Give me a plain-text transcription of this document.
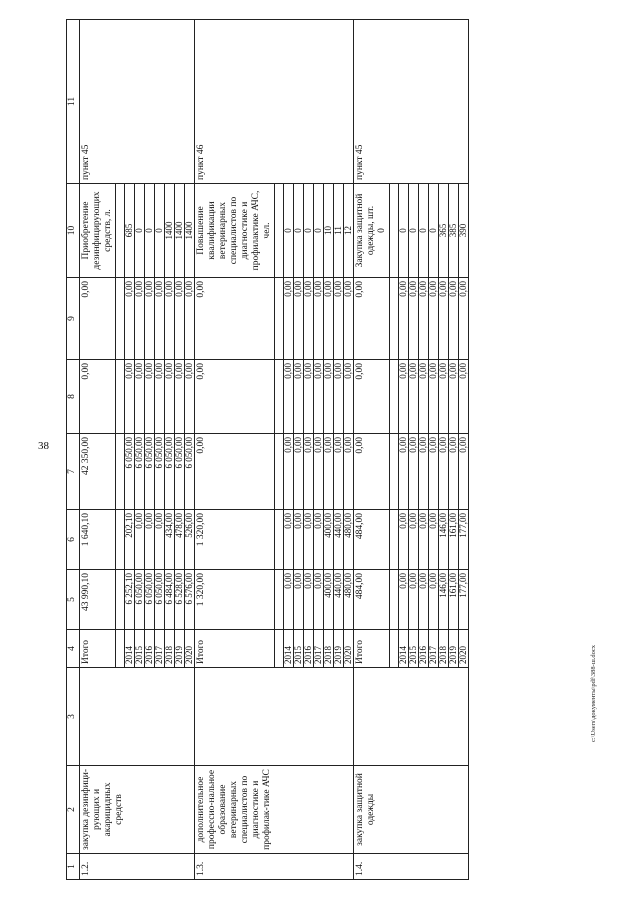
38
c:\Users\документы\pdf\388-ш.docx
1	2	3	4	5	6	7	8	9	10	11
1.2.	закупка дезинфици-рующих и акарицидных средств		Итого	43 990,10	1 640,10	42 350,00	0,00	0,00	Приобретение дезинфицирующих средств, л.	пункт 45

			2014	6 252,10	202,10	6 050,00	0,00	0,00	685	
			2015	6 050,00	0,00	6 050,00	0,00	0,00	0	
			2016	6 050,00	0,00	6 050,00	0,00	0,00	0	
			2017	6 050,00	0,00	6 050,00	0,00	0,00	0	
			2018	6 484,00	434,00	6 050,00	0,00	0,00	1400	
			2019	6 528,00	478,00	6 050,00	0,00	0,00	1400	
			2020	6 576,00	526,00	6 050,00	0,00	0,00	1400	
1.3.	дополнительное профессио-нальное образование ветеринарных специалистов по диагностике и профилак-тике АЧС		Итого	1 320,00	1 320,00	0,00	0,00	0,00	Повышение квалификации ветеринарных специалистов по диагностике и профилактике АЧС, чел.	пункт 46

			2014	0,00	0,00	0,00	0,00	0,00	0	
			2015	0,00	0,00	0,00	0,00	0,00	0	
			2016	0,00	0,00	0,00	0,00	0,00	0	
			2017	0,00	0,00	0,00	0,00	0,00	0	
			2018	400,00	400,00	0,00	0,00	0,00	10	
			2019	440,00	440,00	0,00	0,00	0,00	11	
			2020	480,00	480,00	0,00	0,00	0,00	12	
1.4.	закупка защитной одежды		Итого	484,00	484,00	0,00	0,00	0,00	Закупка защитной одежды, шт. 0	пункт 45

			2014	0,00	0,00	0,00	0,00	0,00	0	
			2015	0,00	0,00	0,00	0,00	0,00	0	
			2016	0,00	0,00	0,00	0,00	0,00	0	
			2017	0,00	0,00	0,00	0,00	0,00	0	
			2018	146,00	146,00	0,00	0,00	0,00	365	
			2019	161,00	161,00	0,00	0,00	0,00	385	
			2020	177,00	177,00	0,00	0,00	0,00	390	
